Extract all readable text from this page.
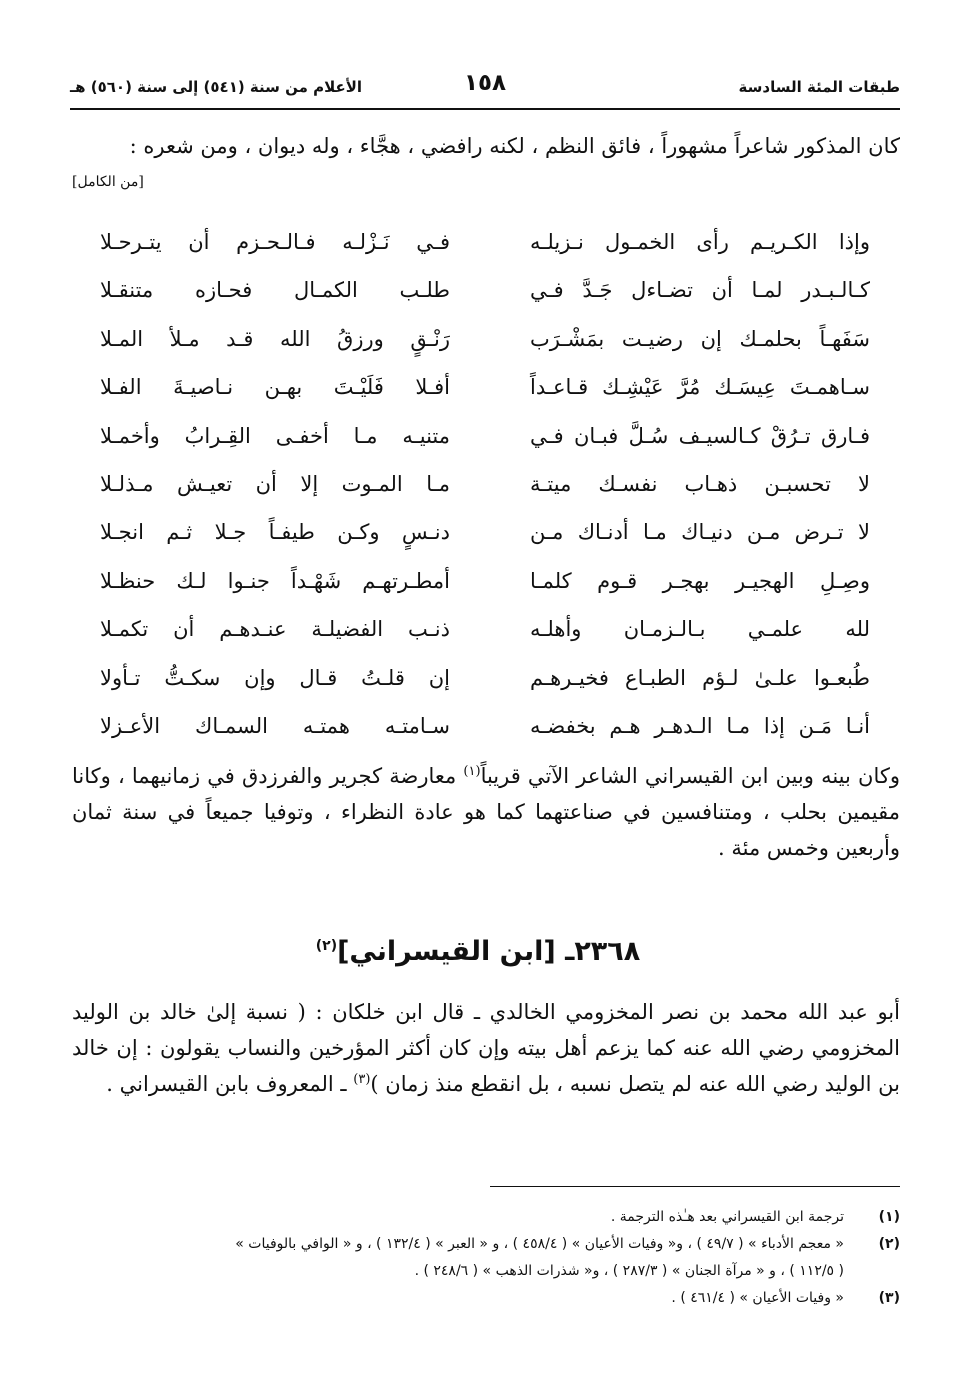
طبقات المئة السادسة
١٥٨
الأعلام من سنة (٥٤١) إلى سنة (٥٦٠) هـ
كان المذكور شاعراً مشهوراً ، فائق النظم ، لكنه رافضي ، هجَّاء ، وله ديوان ، ومن شعره :
[من الكامل]
وإذا الكـريـم رأى الخمـول نـزيلـه
فـي نَـزْلـه فـالـحـزم أن يتـرحـلا
كـالـبـدر لمـا أن تضـاءل جَـدَّ فـي
طلـب الكمـال فحـازه متنقـلا
سَفَهـاً بحلمـك إن رضيـت بمَشْـرَب
رَنْـقٍ ورزقُ الله قـد مـلأ المـلا
سـاهمـتَ عِيسَـك مُرَّ عَيْشِـك قـاعـداً
أفـلا فَلَيْـتَ بهـن نـاصيـةَ الفـلا
فـارق تـرُقْ كـالسيـف سُـلَّ فبـان فـي
متنيـه مـا أخفـى القِـرابُ وأخمـلا
لا تحسبـن ذهـاب نفسـك ميتـة
مـا المـوت إلا أن تعيـش مـذلـلا
لا تـرض مـن دنيـاك مـا أدنـاك مـن
دنـسٍ وكـن طيفـاً جـلا ثـم انجـلا
وصِـلِ الهجيـر بهجـر قـوم كلمـا
أمطـرتهـم شَهْـداً جنـوا لـك حنظـلا
لله علمـي بـالـزمـان وأهلـه
ذنـب الفضيلـة عنـدهـم أن تكمـلا
طُبعـوا علـىٰ لـؤم الطبـاع فخيـرهـم
إن قلـتُ قـال وإن سكـتُّ تـأولا
أنـا مَـن إذا مـا الـدهـر هـم بخفضـه
سـامتـه همتـه السمـاك الأعـزلا
وكان بينه وبين ابن القيسراني الشاعر الآتي قريباً$^{(١)}$ معارضة كجرير والفرزدق في زمانيهما ، وكانا مقيمين بحلب ، ومتنافسين في صناعتهما كما هو عادة النظراء ، وتوفيا جميعاً في سنة ثمان وأربعين وخمس مئة .
٢٣٦٨ـ [ابن القيسراني]$^{(٢)}$
أبو عبد الله محمد بن نصر المخزومي الخالدي ـ قال ابن خلكان : ( نسبة إلىٰ خالد بن الوليد المخزومي رضي الله عنه كما يزعم أهل بيته وإن كان أكثر المؤرخين والنساب يقولون : إن خالد بن الوليد رضي الله عنه لم يتصل نسبه ، بل انقطع منذ زمان )$^{(٣)}$ ـ المعروف بابن القيسراني .
(١)
ترجمة ابن القيسراني بعد هـٰذه الترجمة .
(٢)
« معجم الأدباء » ( ٤٩/٧ ) ، و« وفيات الأعيان » ( ٤٥٨/٤ ) ، و « العبر » ( ١٣٢/٤ ) ، و « الوافي بالوفيات »
( ١١٢/٥ ) ، و « مرآة الجنان » ( ٢٨٧/٣ ) ، و« شذرات الذهب » ( ٢٤٨/٦ ) .
(٣)
« وفيات الأعيان » ( ٤٦١/٤ ) .
